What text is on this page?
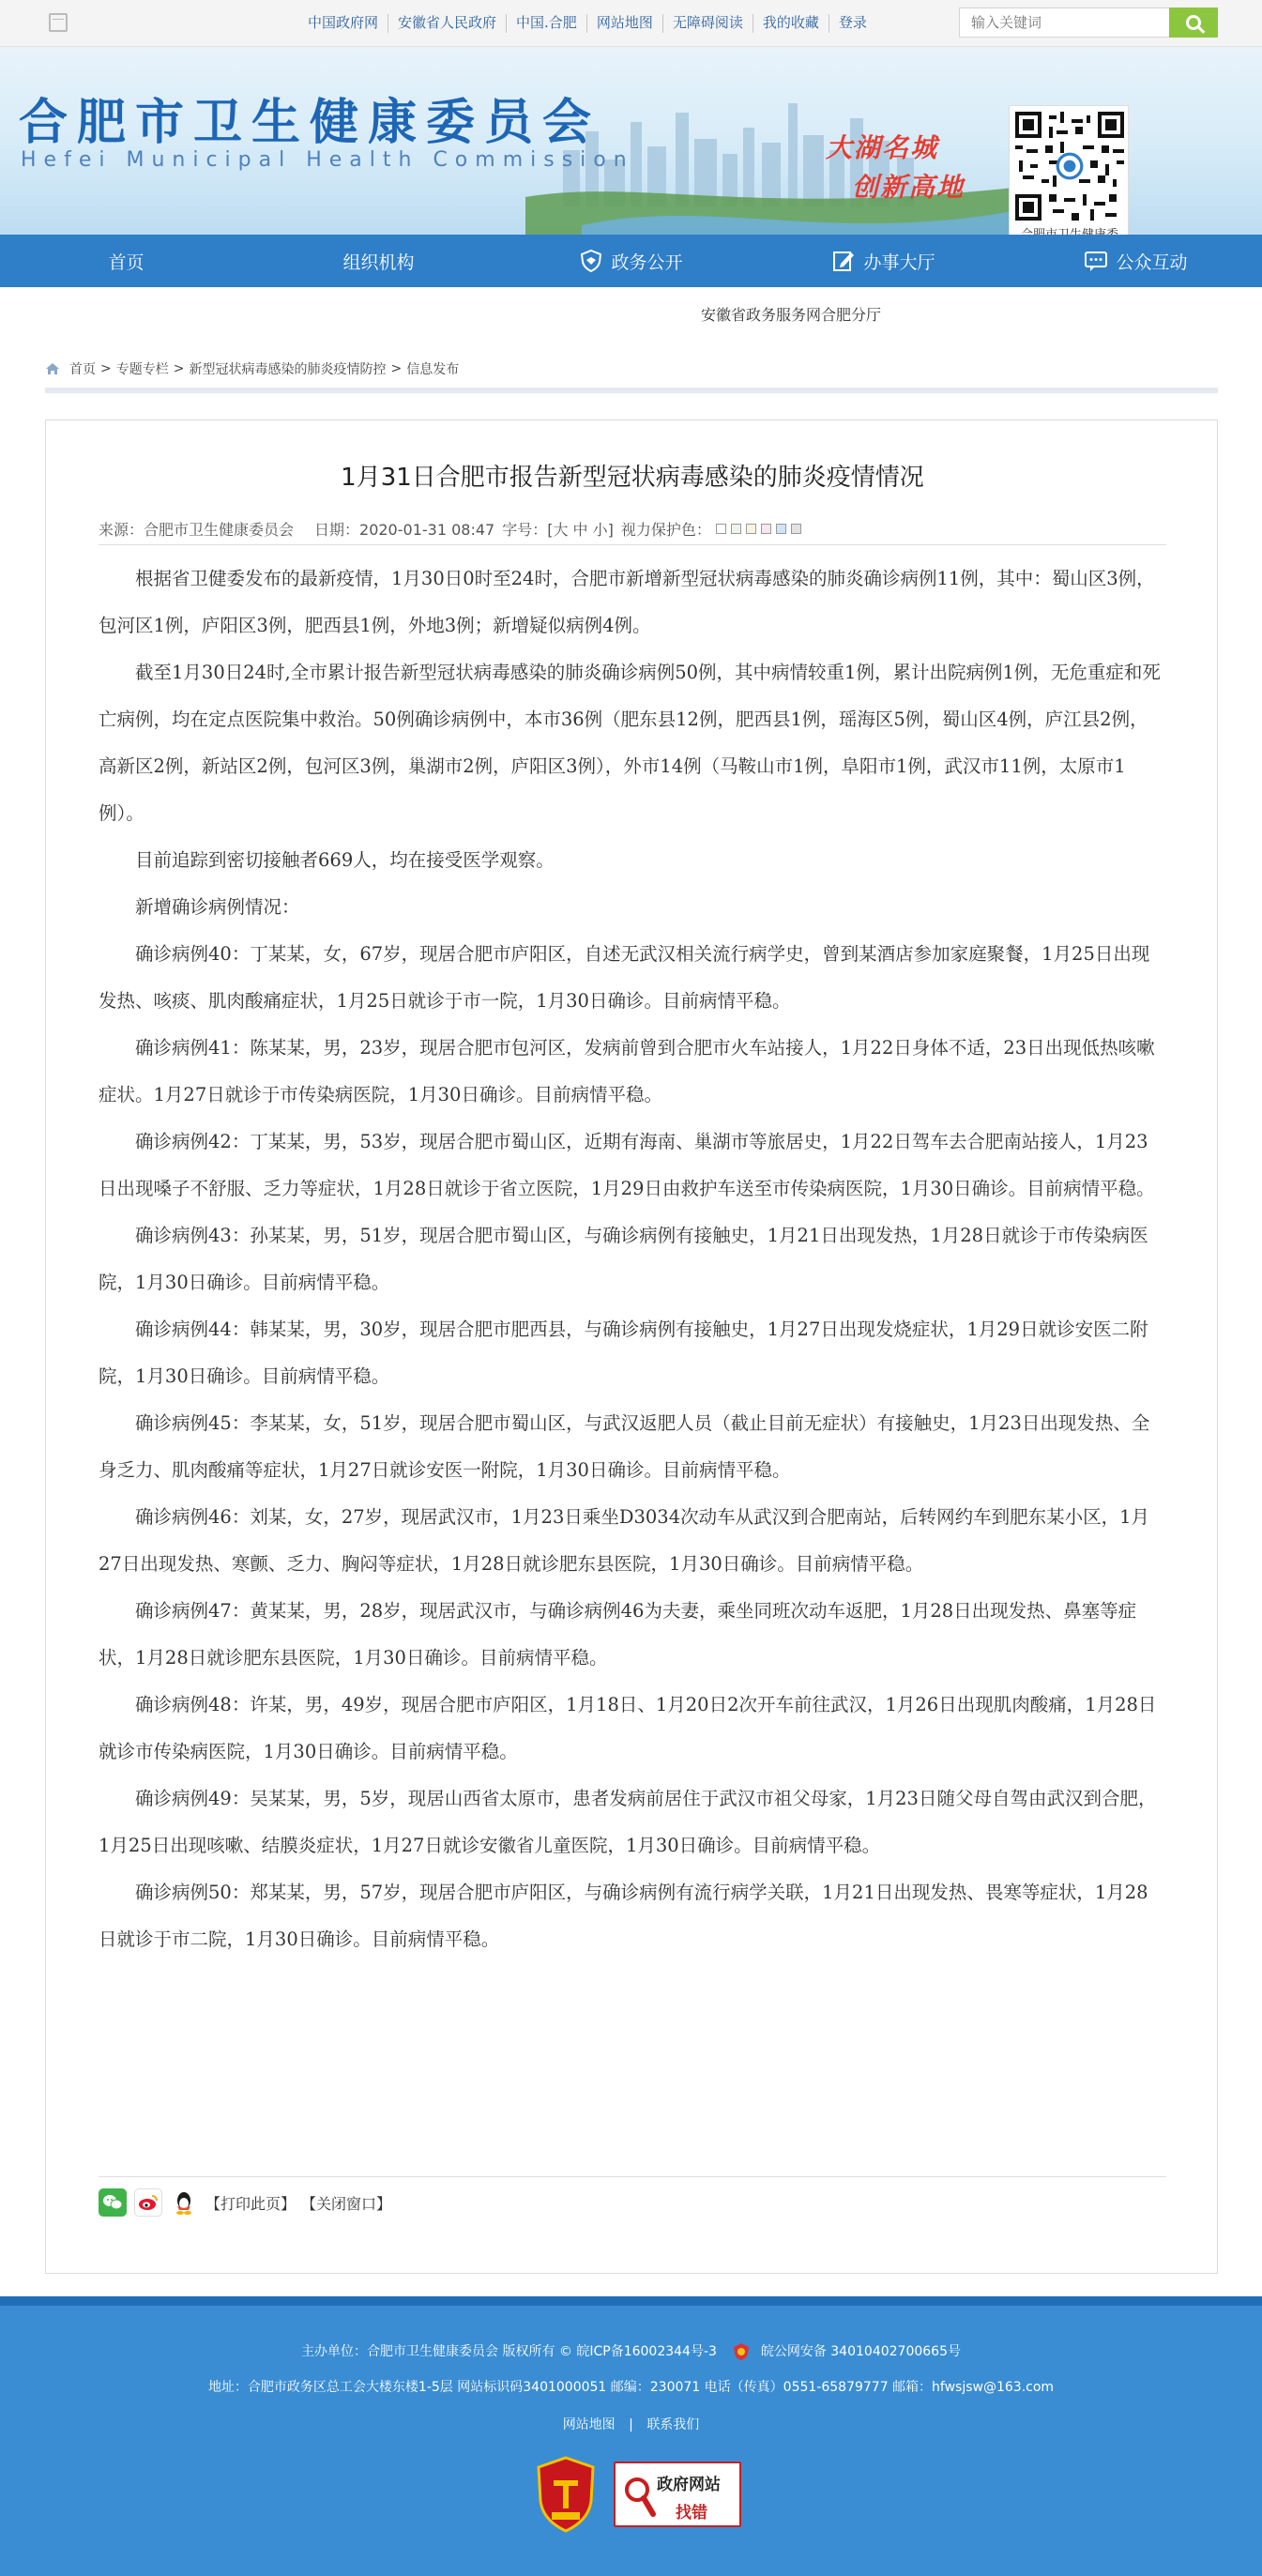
中国政府网	安徽省人民政府	中国.合肥	网站地图	无障碍阅读	我的收藏	登录
输入关键词
合肥市卫生健康委员会
Hefei Municipal Health Commission	大湖名城
创新高地
首页	组织机构	政务公开	办事大厅	公众互动
安徽省政务服务网合肥分厅
首页 > 专题专栏 > 新型冠状病毒感染的肺炎疫情防控 > 信息发布
1月31日合肥市报告新型冠状病毒感染的肺炎疫情情况
来源：合肥市卫生健康委员会 日期：2020-01-31 08:47 字号：[大 中 小] 视力保护色：

根据省卫健委发布的最新疫情，1月30日0时至24时，合肥市新增新型冠状病毒感染的肺炎确诊病例11例，其中：蜀山区3例，包河区1例，庐阳区3例，肥西县1例，外地3例；新增疑似病例4例。

截至1月30日24时,全市累计报告新型冠状病毒感染的肺炎确诊病例50例，其中病情较重1例，累计出院病例1例，无危重症和死亡病例，均在定点医院集中救治。50例确诊病例中，本市36例（肥东县12例，肥西县1例，瑶海区5例，蜀山区4例，庐江县2例，高新区2例，新站区2例，包河区3例，巢湖市2例，庐阳区3例），外市14例（马鞍山市1例，阜阳市1例，武汉市11例，太原市1例）。

目前追踪到密切接触者669人，均在接受医学观察。

新增确诊病例情况：

确诊病例40：丁某某，女，67岁，现居合肥市庐阳区，自述无武汉相关流行病学史，曾到某酒店参加家庭聚餐，1月25日出现发热、咳痰、肌肉酸痛症状，1月25日就诊于市一院，1月30日确诊。目前病情平稳。

确诊病例41：陈某某，男，23岁，现居合肥市包河区，发病前曾到合肥市火车站接人，1月22日身体不适，23日出现低热咳嗽症状。1月27日就诊于市传染病医院，1月30日确诊。目前病情平稳。

确诊病例42：丁某某，男，53岁，现居合肥市蜀山区，近期有海南、巢湖市等旅居史，1月22日驾车去合肥南站接人，1月23日出现嗓子不舒服、乏力等症状，1月28日就诊于省立医院，1月29日由救护车送至市传染病医院，1月30日确诊。目前病情平稳。

确诊病例43：孙某某，男，51岁，现居合肥市蜀山区，与确诊病例有接触史，1月21日出现发热，1月28日就诊于市传染病医院，1月30日确诊。目前病情平稳。

确诊病例44：韩某某，男，30岁，现居合肥市肥西县，与确诊病例有接触史，1月27日出现发烧症状，1月29日就诊安医二附院，1月30日确诊。目前病情平稳。

确诊病例45：李某某，女，51岁，现居合肥市蜀山区，与武汉返肥人员（截止目前无症状）有接触史，1月23日出现发热、全身乏力、肌肉酸痛等症状，1月27日就诊安医一附院，1月30日确诊。目前病情平稳。

确诊病例46：刘某，女，27岁，现居武汉市，1月23日乘坐D3034次动车从武汉到合肥南站，后转网约车到肥东某小区，1月27日出现发热、寒颤、乏力、胸闷等症状，1月28日就诊肥东县医院，1月30日确诊。目前病情平稳。

确诊病例47：黄某某，男，28岁，现居武汉市，与确诊病例46为夫妻，乘坐同班次动车返肥，1月28日出现发热、鼻塞等症状，1月28日就诊肥东县医院，1月30日确诊。目前病情平稳。

确诊病例48：许某，男，49岁，现居合肥市庐阳区，1月18日、1月20日2次开车前往武汉，1月26日出现肌肉酸痛，1月28日就诊市传染病医院，1月30日确诊。目前病情平稳。

确诊病例49：吴某某，男，5岁，现居山西省太原市，患者发病前居住于武汉市祖父母家，1月23日随父母自驾由武汉到合肥，1月25日出现咳嗽、结膜炎症状，1月27日就诊安徽省儿童医院，1月30日确诊。目前病情平稳。

确诊病例50：郑某某，男，57岁，现居合肥市庐阳区，与确诊病例有流行病学关联，1月21日出现发热、畏寒等症状，1月28日就诊于市二院，1月30日确诊。目前病情平稳。

【打印此页】 【关闭窗口】
主办单位：合肥市卫生健康委员会 版权所有 © 皖ICP备16002344号-3	皖公网安备 34010402700665号
地址：合肥市政务区总工会大楼东楼1-5层 网站标识码3401000051 邮编：230071 电话（传真）0551-65879777 邮箱：hfwsjsw@163.com
网站地图 | 联系我们
政府网站
找错
